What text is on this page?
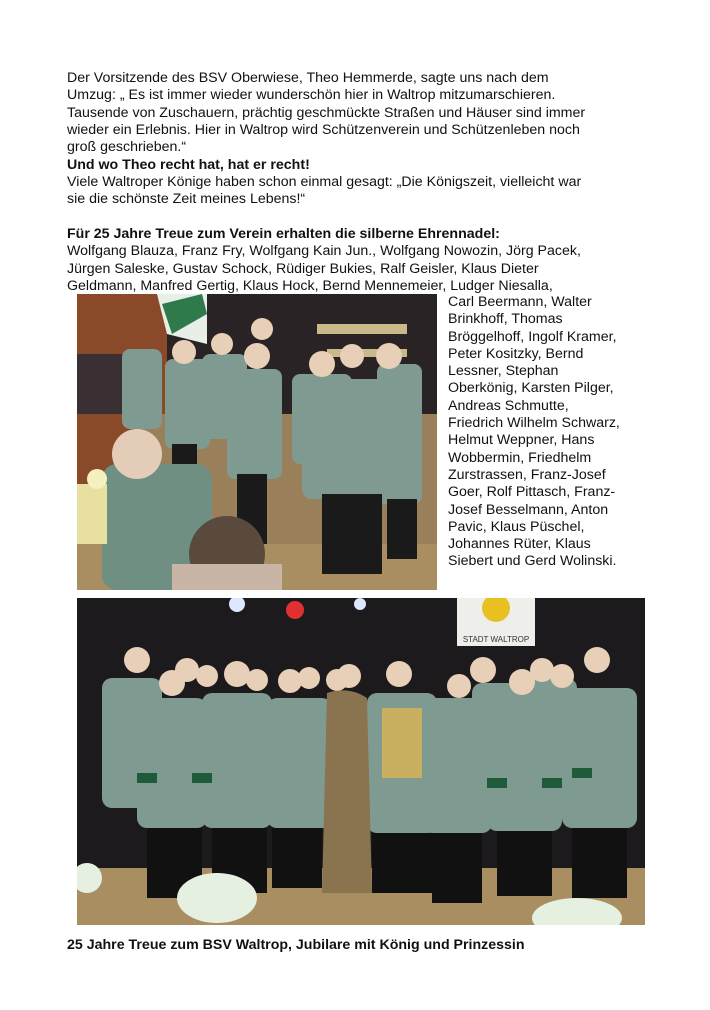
Der Vorsitzende des BSV Oberwiese, Theo Hemmerde, sagte uns nach dem
Umzug: „ Es ist immer wieder wunderschön hier in Waltrop mitzumarschieren.
Tausende von Zuschauern, prächtig geschmückte Straßen und Häuser sind immer
wieder ein Erlebnis. Hier in Waltrop wird Schützenverein und Schützenleben noch
groß geschrieben.“
Und wo Theo recht hat, hat er recht!
Viele Waltroper Könige haben schon einmal gesagt: „Die Königszeit, vielleicht war
sie die schönste Zeit meines Lebens!“
Für 25 Jahre Treue zum Verein erhalten die silberne Ehrennadel:
Wolfgang Blauza, Franz Fry, Wolfgang Kain Jun., Wolfgang Nowozin, Jörg Pacek,
Jürgen Saleske, Gustav Schock, Rüdiger Bukies, Ralf Geisler, Klaus Dieter
Geldmann, Manfred Gertig, Klaus Hock, Bernd Mennemeier, Ludger Niesalla,
Carl Beermann, Walter
Brinkhoff, Thomas
Bröggelhoff, Ingolf Kramer,
Peter Kositzky, Bernd
Lessner, Stephan
Oberkönig, Karsten Pilger,
Andreas Schmutte,
Friedrich Wilhelm Schwarz,
Helmut Weppner, Hans
Wobbermin, Friedhelm
Zurstrassen, Franz-Josef
Goer, Rolf Pittasch, Franz-
Josef Besselmann, Anton
Pavic, Klaus Püschel,
Johannes Rüter, Klaus
Siebert und Gerd Wolinski.
STADT WALTROP
25 Jahre Treue zum BSV Waltrop, Jubilare mit König und Prinzessin
